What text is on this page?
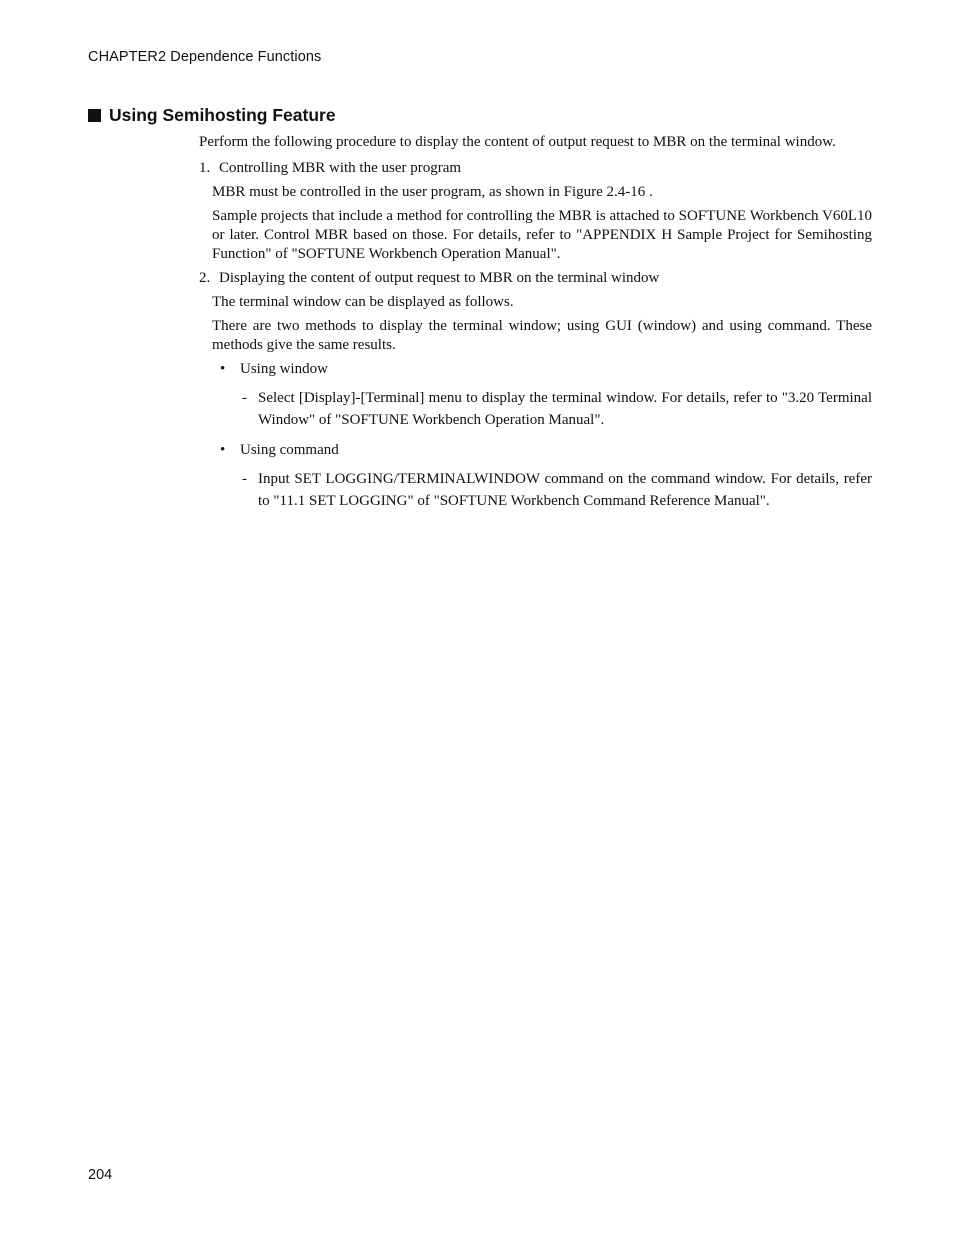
CHAPTER2 Dependence Functions
Using Semihosting Feature

Perform the following procedure to display the content of output request to MBR on the terminal window.

1. Controlling MBR with the user program

MBR must be controlled in the user program, as shown in Figure 2.4-16 .

Sample projects that include a method for controlling the MBR is attached to SOFTUNE Workbench V60L10 or later. Control MBR based on those. For details, refer to "APPENDIX H Sample Project for Semihosting Function" of "SOFTUNE Workbench Operation Manual".

2. Displaying the content of output request to MBR on the terminal window

The terminal window can be displayed as follows.

There are two methods to display the terminal window; using GUI (window) and using command. These methods give the same results.

• Using window
- Select [Display]-[Terminal] menu to display the terminal window. For details, refer to "3.20 Terminal Window" of "SOFTUNE Workbench Operation Manual".
• Using command
- Input SET LOGGING/TERMINALWINDOW command on the command window. For details, refer to "11.1 SET LOGGING" of "SOFTUNE Workbench Command Reference Manual".
204
